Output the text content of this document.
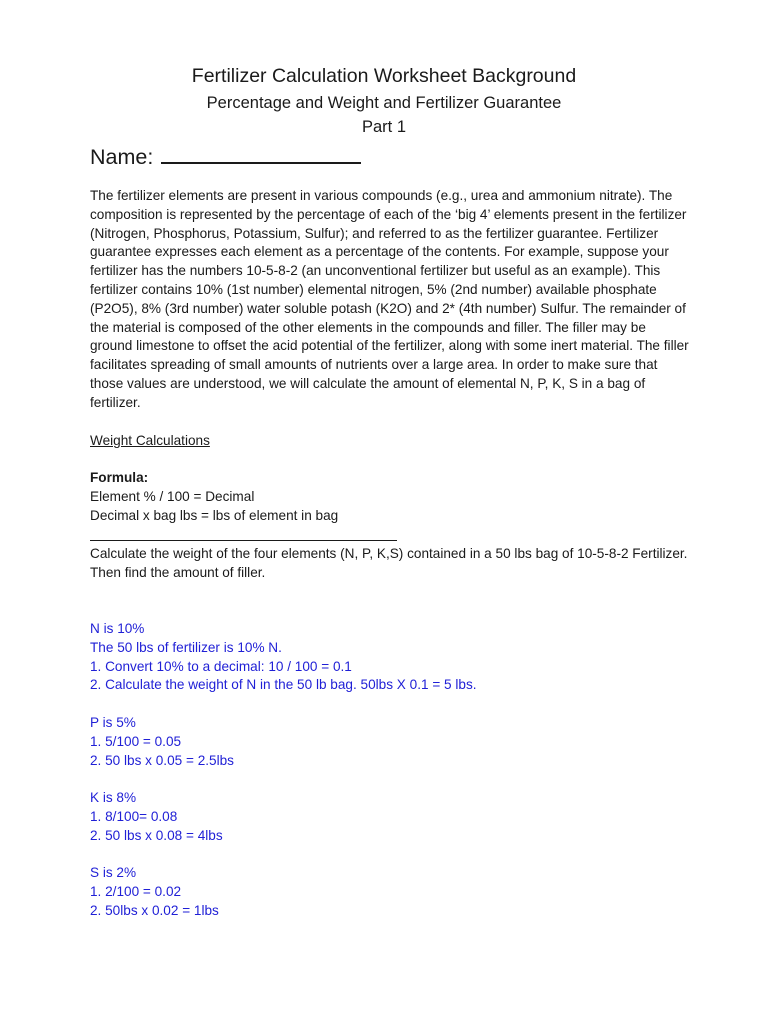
Fertilizer Calculation Worksheet Background
Percentage and Weight and Fertilizer Guarantee
Part 1
Name:

The fertilizer elements are present in various compounds (e.g., urea and ammonium nitrate). The composition is represented by the percentage of each of the ‘big 4’ elements present in the fertilizer (Nitrogen, Phosphorus, Potassium, Sulfur); and referred to as the fertilizer guarantee. Fertilizer guarantee expresses each element as a percentage of the contents. For example, suppose your fertilizer has the numbers 10-5-8-2 (an unconventional fertilizer but useful as an example). This fertilizer contains 10% (1st number) elemental nitrogen, 5% (2nd number) available phosphate (P2O5), 8% (3rd number) water soluble potash (K2O) and 2* (4th number) Sulfur. The remainder of the material is composed of the other elements in the compounds and filler. The filler may be ground limestone to offset the acid potential of the fertilizer, along with some inert material. The filler facilitates spreading of small amounts of nutrients over a large area. In order to make sure that those values are understood, we will calculate the amount of elemental N, P, K, S in a bag of fertilizer.

Weight Calculations
Formula:
Element % / 100 = Decimal
Decimal x bag lbs = lbs of element in bag

Calculate the weight of the four elements (N, P, K,S) contained in a 50 lbs bag of 10-5-8-2 Fertilizer. Then find the amount of filler.

N is 10%
The 50 lbs of fertilizer is 10% N.
1. Convert 10% to a decimal: 10 / 100 = 0.1
2. Calculate the weight of N in the 50 lb bag. 50lbs X 0.1 = 5 lbs.
P is 5%
1. 5/100 = 0.05
2. 50 lbs x 0.05 = 2.5lbs
K is 8%
1. 8/100= 0.08
2. 50 lbs x 0.08 = 4lbs
S is 2%
1. 2/100 = 0.02
2. 50lbs x 0.02 = 1lbs
